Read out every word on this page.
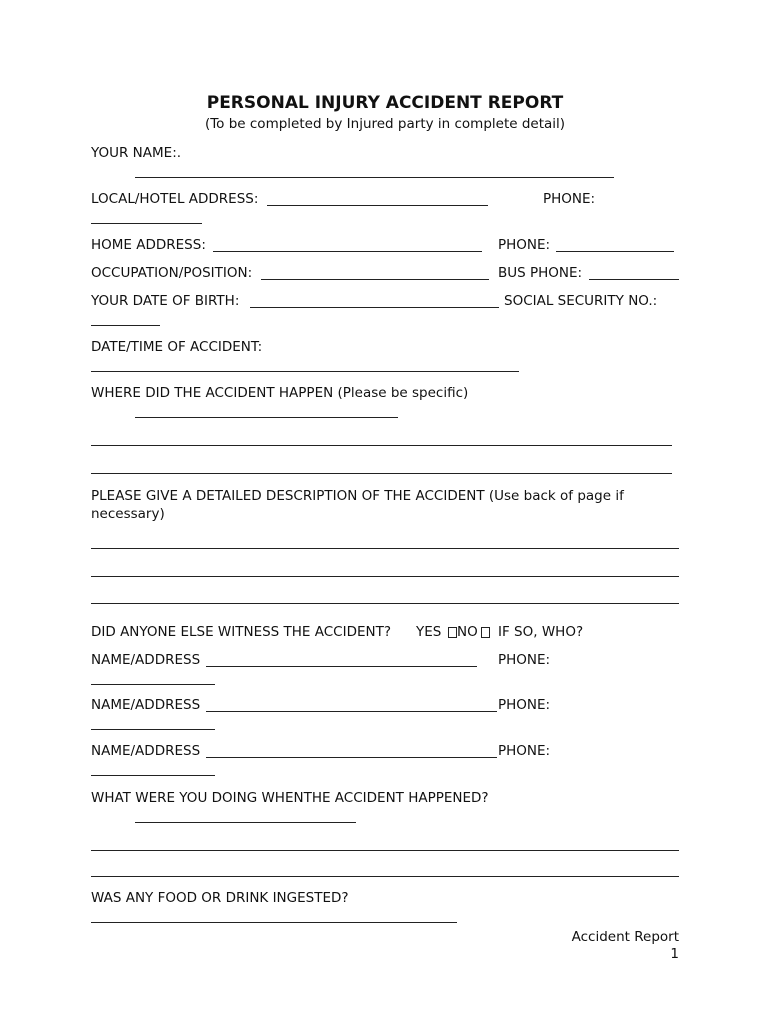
PERSONAL INJURY ACCIDENT REPORT
(To be completed by Injured party in complete detail)
YOUR NAME:.
LOCAL/HOTEL ADDRESS:	PHONE:
HOME ADDRESS:	PHONE:
OCCUPATION/POSITION:	BUS PHONE:
YOUR DATE OF BIRTH:	SOCIAL SECURITY NO.:
DATE/TIME OF ACCIDENT:
WHERE DID THE ACCIDENT HAPPEN (Please be specific)
PLEASE GIVE A DETAILED DESCRIPTION OF THE ACCIDENT (Use back of page if
necessary)
DID ANYONE ELSE WITNESS THE ACCIDENT? YES NO IF SO, WHO?
NAME/ADDRESS	PHONE:
NAME/ADDRESS	PHONE:
NAME/ADDRESS	PHONE:
WHAT WERE YOU DOING WHENTHE ACCIDENT HAPPENED?
WAS ANY FOOD OR DRINK INGESTED?
Accident Report
1
